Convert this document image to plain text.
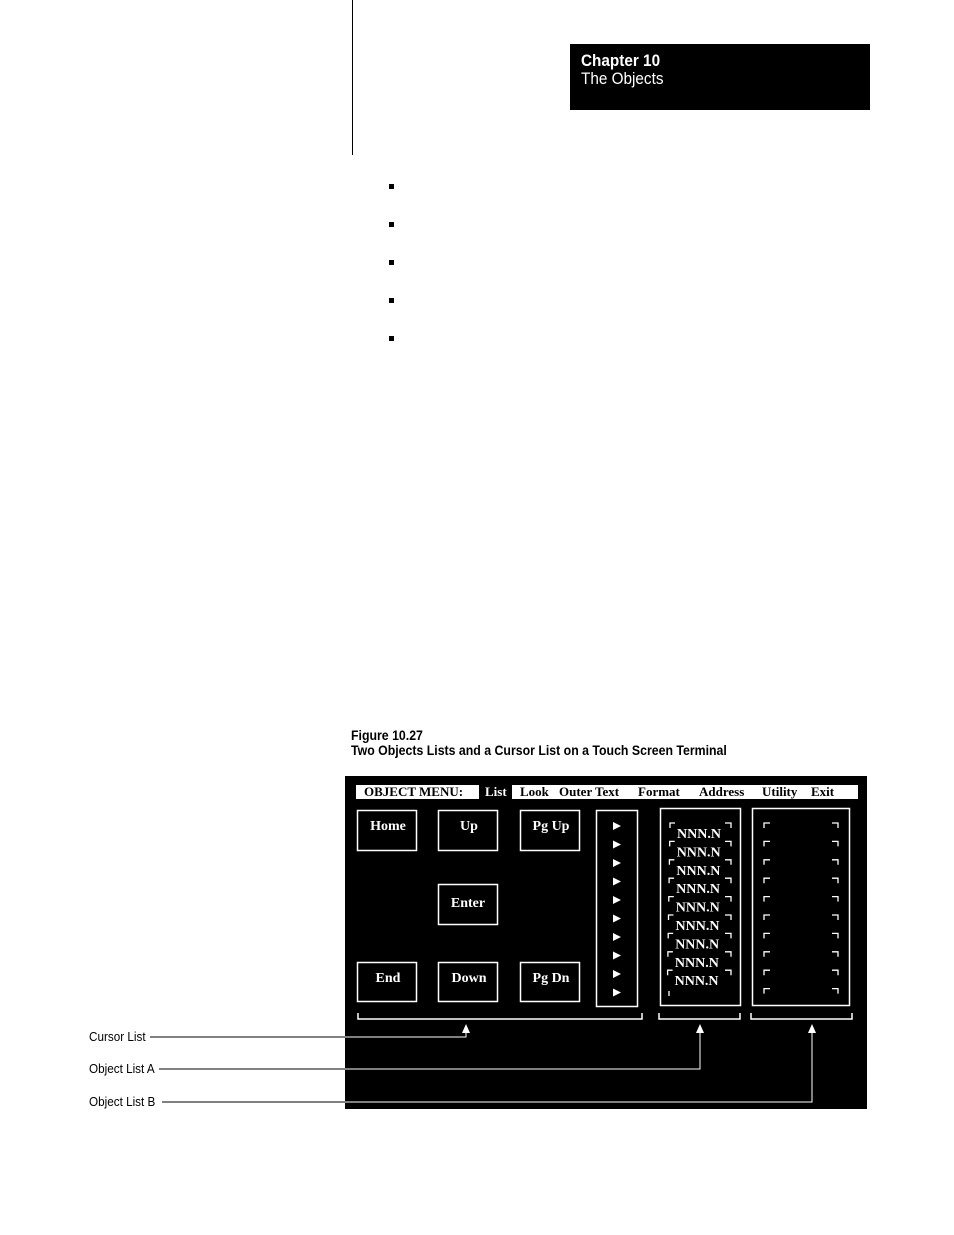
Chapter 10
The Objects
Figure 10.27
Two Objects Lists and a Cursor List on a Touch Screen Terminal
OBJECT MENU: List Look Outer Text Format Address Utility Exit
Home	Up	Pg Up
Enter
End	Down	Pg Dn
NNN.N
NNN.N
NNN.N
NNN.N
NNN.N
NNN.N
NNN.N
NNN.N
NNN.N
Cursor List
Object List A
Object List B
